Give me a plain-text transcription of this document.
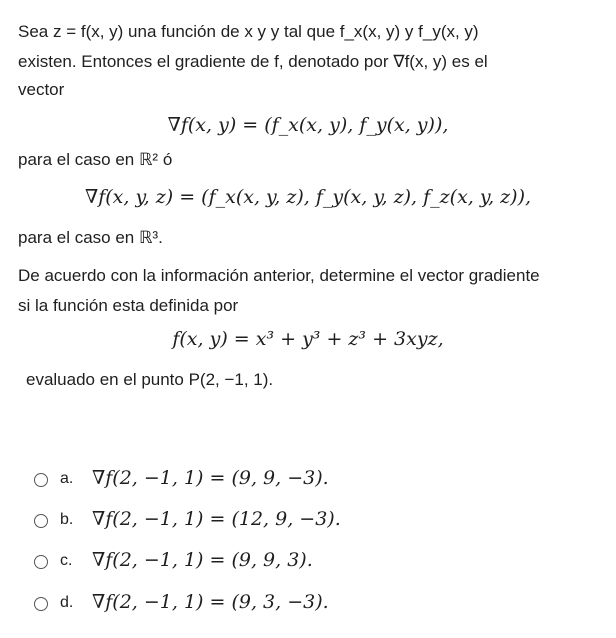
Sea z = f(x, y) una función de x y y tal que f_x(x, y) y f_y(x, y)
existen. Entonces el gradiente de f, denotado por ∇f(x, y) es el
vector
∇f(x, y) = (f_x(x, y), f_y(x, y)),
para el caso en ℝ² ó
∇f(x, y, z) = (f_x(x, y, z), f_y(x, y, z), f_z(x, y, z)),
para el caso en ℝ³.
De acuerdo con la información anterior, determine el vector gradiente
si la función esta definida por
f(x, y) = x³ + y³ + z³ + 3xyz,
evaluado en el punto P(2, −1, 1).
a. ∇f(2, −1, 1) = (9, 9, −3).
b. ∇f(2, −1, 1) = (12, 9, −3).
c. ∇f(2, −1, 1) = (9, 9, 3).
d. ∇f(2, −1, 1) = (9, 3, −3).
